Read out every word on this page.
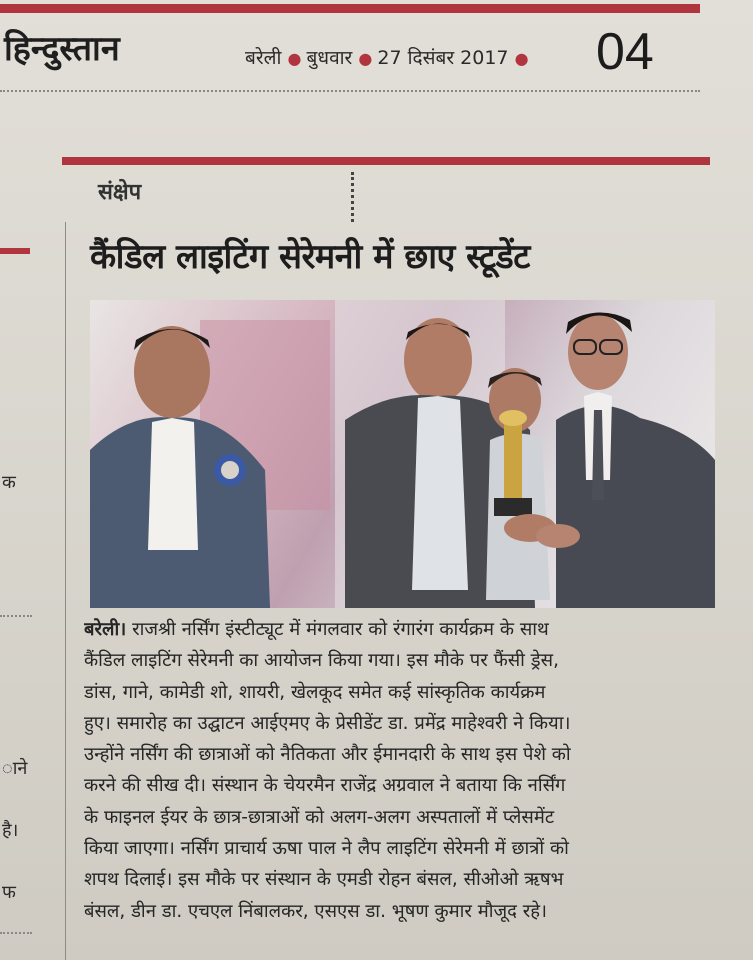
हिन्दुस्तान	बरेली ● बुधवार ● 27 दिसंबर 2017 ● 04
क
ाने
है।
फ
संक्षेप
कैंडिल लाइटिंग सेरेमनी में छाए स्टूडेंट
बरेली। राजश्री नर्सिंग इंस्टीट्यूट में मंगलवार को रंगारंग कार्यक्रम के साथ
कैंडिल लाइटिंग सेरेमनी का आयोजन किया गया। इस मौके पर फैंसी ड्रेस,
डांस, गाने, कामेडी शो, शायरी, खेलकूद समेत कई सांस्कृतिक कार्यक्रम
हुए। समारोह का उद्घाटन आईएमए के प्रेसीडेंट डा. प्रमेंद्र माहेश्वरी ने किया।
उन्होंने नर्सिंग की छात्राओं को नैतिकता और ईमानदारी के साथ इस पेशे को
करने की सीख दी। संस्थान के चेयरमैन राजेंद्र अग्रवाल ने बताया कि नर्सिंग
के फाइनल ईयर के छात्र-छात्राओं को अलग-अलग अस्पतालों में प्लेसमेंट
किया जाएगा। नर्सिंग प्राचार्य ऊषा पाल ने लैप लाइटिंग सेरेमनी में छात्रों को
शपथ दिलाई। इस मौके पर संस्थान के एमडी रोहन बंसल, सीओओ ऋषभ
बंसल, डीन डा. एचएल निंबालकर, एसएस डा. भूषण कुमार मौजूद रहे।
